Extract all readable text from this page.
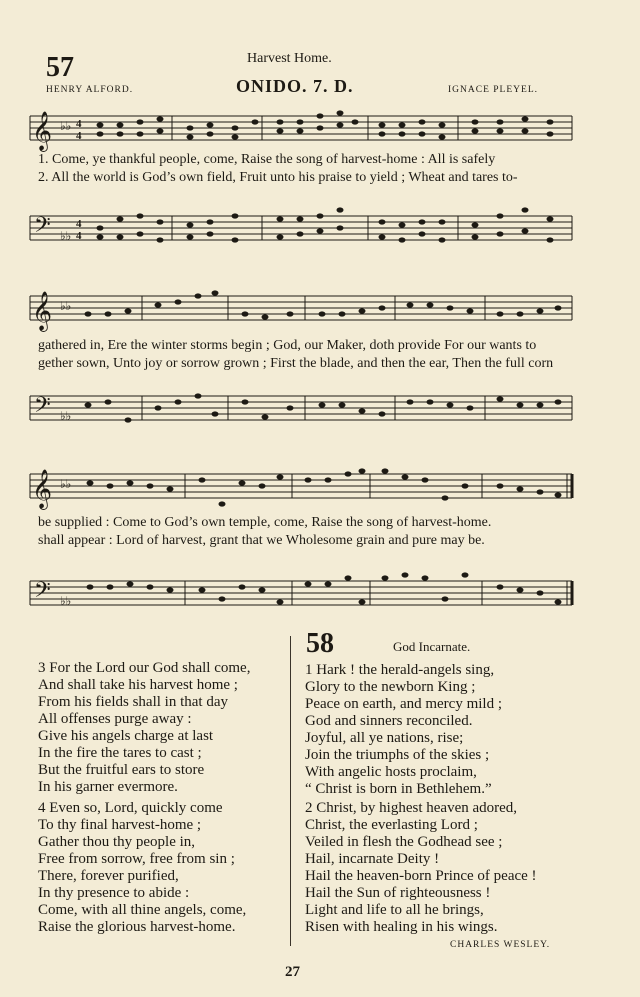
57	Harvest Home.
HENRY ALFORD.	ONIDO. 7. D.	IGNACE PLEYEL.
𝄞 ♭♭ 4
4
1. Come, ye thankful people, come, Raise the song of harvest-home : All is safely
2. All the world is God’s own field, Fruit unto his praise to yield ; Wheat and tares to-
𝄢 ♭♭
4
4
𝄞 ♭♭
gathered in, Ere the winter storms begin ; God, our Maker, doth provide For our wants to
gether sown, Unto joy or sorrow grown ; First the blade, and then the ear, Then the full corn
𝄢 ♭♭
𝄞 ♭♭
be supplied : Come to God’s own temple, come, Raise the song of harvest-home.
shall appear : Lord of harvest, grant that we Wholesome grain and pure may be.
𝄢 ♭♭
3 For the Lord our God shall come,
And shall take his harvest home ;
From his fields shall in that day
All offenses purge away :
Give his angels charge at last
In the fire the tares to cast ;
But the fruitful ears to store
In his garner evermore.
4 Even so, Lord, quickly come
To thy final harvest-home ;
Gather thou thy people in,
Free from sorrow, free from sin ;
There, forever purified,
In thy presence to abide :
Come, with all thine angels, come,
Raise the glorious harvest-home.
58	God Incarnate.
1 Hark ! the herald-angels sing,
Glory to the newborn King ;
Peace on earth, and mercy mild ;
God and sinners reconciled.
Joyful, all ye nations, rise;
Join the triumphs of the skies ;
With angelic hosts proclaim,
“ Christ is born in Bethlehem.”
2 Christ, by highest heaven adored,
Christ, the everlasting Lord ;
Veiled in flesh the Godhead see ;
Hail, incarnate Deity !
Hail the heaven-born Prince of peace !
Hail the Sun of righteousness !
Light and life to all he brings,
Risen with healing in his wings.
CHARLES WESLEY.
27
